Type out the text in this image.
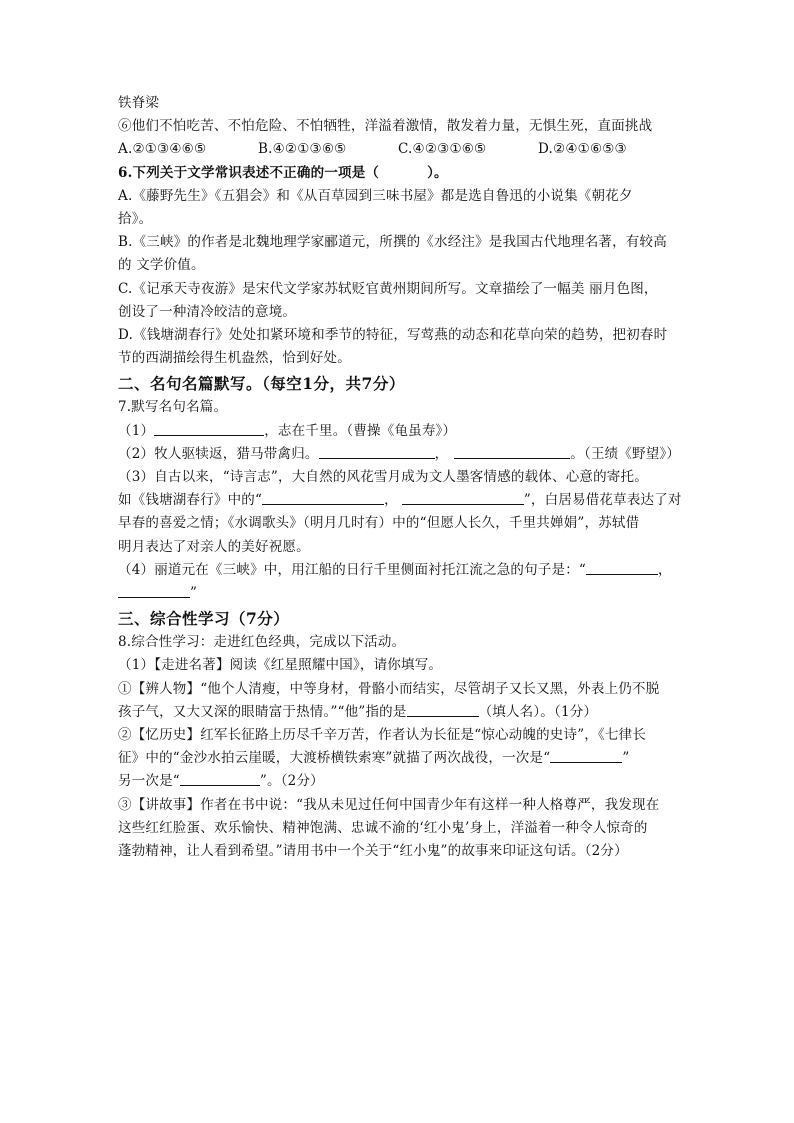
铁脊梁
⑥他们不怕吃苦、不怕危险、不怕牺牲，洋溢着激情，散发着力量，无惧生死，直面挑战
A.②①③④⑥⑤	B.④②①③⑥⑤	C.④②③①⑥⑤	D.②④①⑥⑤③
6.下列关于文学常识表述不正确的一项是（	）。
A.《藤野先生》《五猖会》和《从百草园到三味书屋》都是选自鲁迅的小说集《朝花夕
拾》。
B.《三峡》的作者是北魏地理学家郦道元，所撰的《水经注》是我国古代地理名著，有较高
的 文学价值。
C.《记承天寺夜游》是宋代文学家苏轼贬官黄州期间所写。文章描绘了一幅美 丽月色图，
创设了一种清冷皎洁的意境。
D.《钱塘湖春行》处处扣紧环境和季节的特征，写莺燕的动态和花草向荣的趋势，把初春时
节的西湖描绘得生机盎然，恰到好处。
二、名句名篇默写。（每空1分，共7分）
7.默写名句名篇。
（1）	，志在千里。（曹操《龟虽寿》）
（2）牧人驱犊返，猎马带禽归。	，	。（王绩《野望》）
（3）自古以来，“诗言志”，大自然的风花雪月成为文人墨客情感的载体、心意的寄托。
如《钱塘湖春行》中的“	，	”，白居易借花草表达了对
早春的喜爱之情；《水调歌头》（明月几时有）中的“但愿人长久，千里共婵娟”，苏轼借
明月表达了对亲人的美好祝愿。
（4）丽道元在《三峡》中，用江船的日行千里侧面衬托江流之急的句子是：“	，
”
三、综合性学习（7分）
8.综合性学习：走进红色经典，完成以下活动。
（1）【走进名著】阅读《红星照耀中国》，请你填写。
①【辨人物】“他个人清瘦，中等身材，骨骼小而结实，尽管胡子又长又黑，外表上仍不脱
孩子气，又大又深的眼睛富于热情。”“他”指的是	（填人名）。（1分）
②【忆历史】红军长征路上历尽千辛万苦，作者认为长征是“惊心动魄的史诗”，《七律长
征》中的“金沙水拍云崖暖，大渡桥横铁索寒”就描了两次战役，一次是“	”
另一次是“	”。（2分）
③【讲故事】作者在书中说：“我从未见过任何中国青少年有这样一种人格尊严，我发现在
这些红红脸蛋、欢乐愉快、精神饱满、忠诚不渝的‘红小鬼’身上，洋溢着一种令人惊奇的
蓬勃精神，让人看到希望。”请用书中一个关于“红小鬼”的故事来印证这句话。（2分）
